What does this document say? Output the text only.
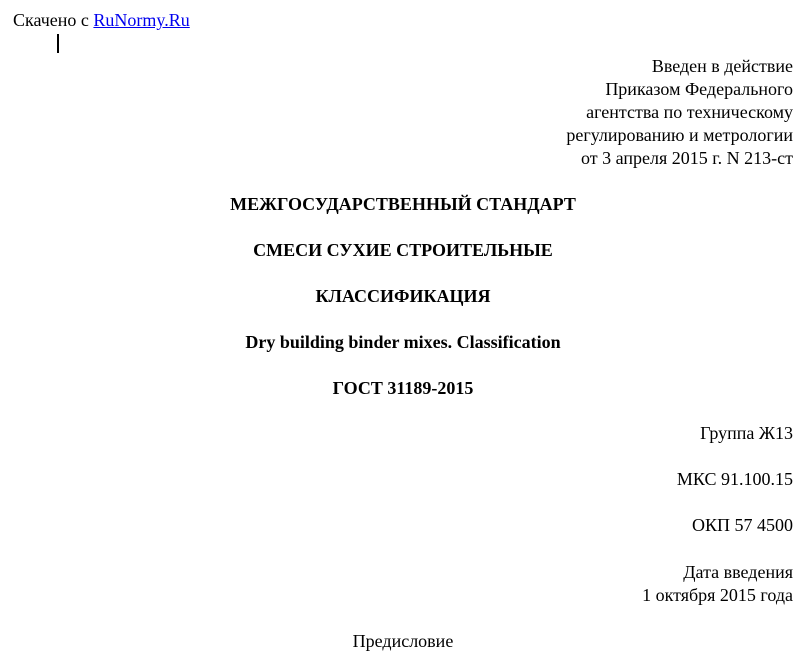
Скачено с RuNormy.Ru
Введен в действие
Приказом Федерального
агентства по техническому
регулированию и метрологии
от 3 апреля 2015 г. N 213-ст
МЕЖГОСУДАРСТВЕННЫЙ СТАНДАРТ
СМЕСИ СУХИЕ СТРОИТЕЛЬНЫЕ
КЛАССИФИКАЦИЯ
Dry building binder mixes. Classification
ГОСТ 31189-2015
Группа Ж13
МКС 91.100.15
ОКП 57 4500
Дата введения
1 октября 2015 года
Предисловие
